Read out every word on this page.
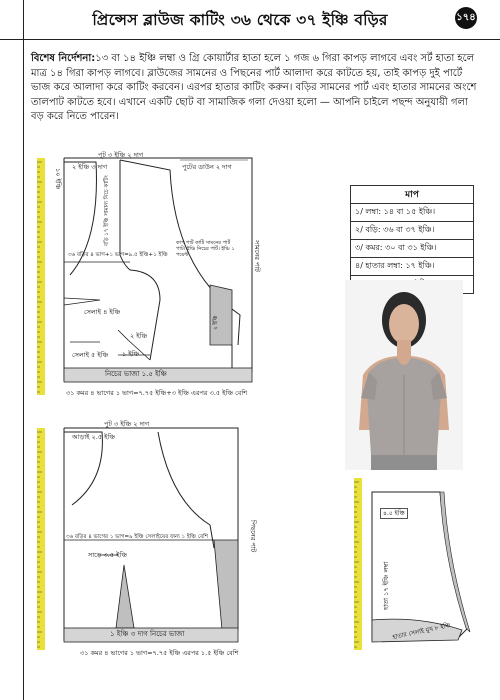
প্রিন্সেস ব্লাউজ কাটিং ৩৬ থেকে ৩৭ ইঞ্চি বড়ির	১৭৪
বিশেষ নির্দেশনা:১৩ বা ১৪ ইঞ্চি লম্বা ও গ্রি কোয়ার্টার হাতা হলে ১ গজ ৬ গিরা কাপড় লাগবে এবং সর্ট হাতা হলে মাত্র ১৪ গিরা কাপড় লাগবে। ব্লাউজের সামনের ও পিছনের পার্ট আলাদা করে কাটতে হয়, তাই কাপড় দুই পার্টে ভাজ করে আলাদা করে কাটিং করবেন। এরপর হাতার কাটিং করুন। বড়ির সামনের পার্ট এবং হাতার সামনের অংশে তালপাট কাটতে হবে। এখানে একটি ছোট বা সামাজিক গলা দেওয়া হলো — আপনি চাইলে পছন্দ অনুযায়ী গলা বড় করে নিতে পারেন।
মাপ
১/ লম্বা: ১৪ বা ১৫ ইঞ্চি।
২/ বড়ি: ৩৬ বা ৩৭ ইঞ্চি।
৩/ কমর: ৩০ বা ৩১ ইঞ্চি।
৪/ হাতার লম্বা: ১৭ ইঞ্চি।

পুট ৩ ইঞ্চি ২ দাগ
২ ইঞ্চি ৩ দাগ	পুটের ডাউন ২ দাগ
১০ ইঞ্চি
কাপ পার্ট কাটি সামনের পার্ট পাট। ইঞ্চি নিচের পার্ট। ইঞ্চি ১ পয়েন্ট
বড়ি ১৭ ইঞ্চি সামান্য নিচে কাটিং
৩৬ বড়ির ৪ ভাগ+১ ভাগ=৯.৫ ইঞ্চি+১ ইঞ্চি
সেলাই ৪ ইঞ্চি
সেলাই ৫ ইঞ্চি ১ ইঞ্চি
২ ইঞ্চি
নিচের ভাজা ১.৫ ইঞ্চি
সামনের পাট
২ ইঞ্চি
৩১ কমর ৪ ভাগের ১ ভাগ=৭.৭৫ ইঞ্চি+৩ ইঞ্চি এরপর ৩.৫ ইঞ্চি বেশি
পুট ৩ ইঞ্চি ২ দাগ
আড়াই ২.৫ ইঞ্চি
৩৬ বড়ির ৪ ভাগের ১ ভাগ=৯ ইঞ্চি সেলাইয়ের জন্য ১ ইঞ্চি বেশি
সাড়ে ৩.৫ ইঞ্চি
পিছনের পাট
১ ইঞ্চি ৩ দাগ নিচের ভাজা
৩১ কমর ৪ ভাগের ১ ভাগ=৭.৭৫ ইঞ্চি এরপর ১.৫ ইঞ্চি বেশি
৪.৫ ইঞ্চি
হাতা ১৭ ইঞ্চি লম্বা
হাতার সেলাই মুখ ৮ ইঞ্চি
